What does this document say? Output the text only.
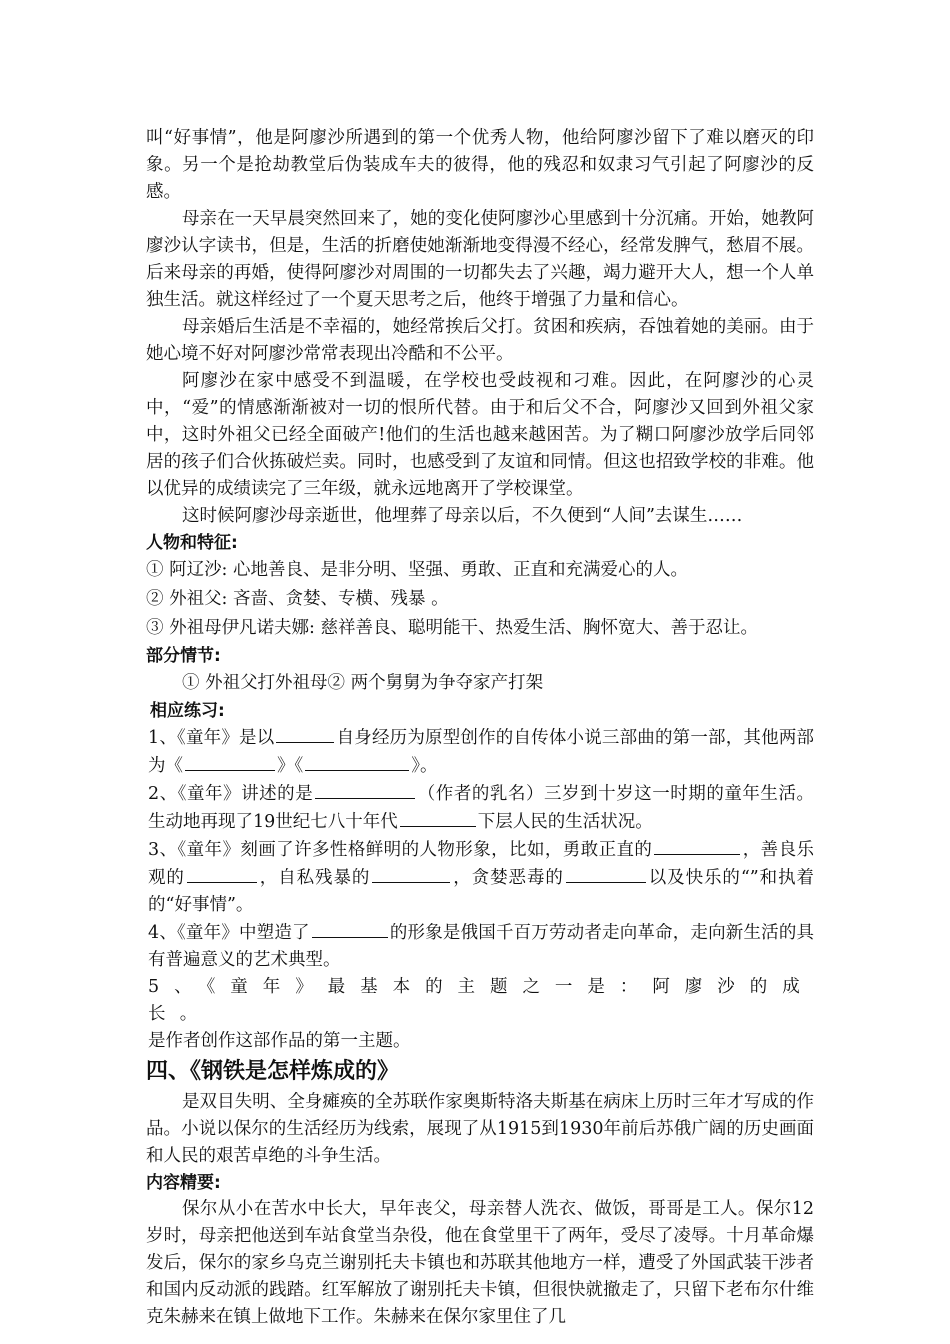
叫“好事情”，他是阿廖沙所遇到的第一个优秀人物，他给阿廖沙留下了难以磨灭的印象。另一个是抢劫教堂后伪装成车夫的彼得，他的残忍和奴隶习气引起了阿廖沙的反感。

母亲在一天早晨突然回来了，她的变化使阿廖沙心里感到十分沉痛。开始，她教阿廖沙认字读书，但是，生活的折磨使她渐渐地变得漫不经心，经常发脾气，愁眉不展。后来母亲的再婚，使得阿廖沙对周围的一切都失去了兴趣，竭力避开大人，想一个人单独生活。就这样经过了一个夏天思考之后，他终于增强了力量和信心。

母亲婚后生活是不幸福的，她经常挨后父打。贫困和疾病，吞蚀着她的美丽。由于她心境不好对阿廖沙常常表现出冷酷和不公平。

阿廖沙在家中感受不到温暖，在学校也受歧视和刁难。因此，在阿廖沙的心灵中，“爱”的情感渐渐被对一切的恨所代替。由于和后父不合，阿廖沙又回到外祖父家中，这时外祖父已经全面破产!他们的生活也越来越困苦。为了糊口阿廖沙放学后同邻居的孩子们合伙拣破烂卖。同时，也感受到了友谊和同情。但这也招致学校的非难。他以优异的成绩读完了三年级，就永远地离开了学校课堂。

这时候阿廖沙母亲逝世，他埋葬了母亲以后，不久便到“人间”去谋生……

人物和特征:
① 阿辽沙: 心地善良、是非分明、坚强、勇敢、正直和充满爱心的人。
② 外祖父: 吝啬、贪婪、专横、残暴 。
③ 外祖母伊凡诺夫娜: 慈祥善良、聪明能干、热爱生活、胸怀宽大、善于忍让。
部分情节:
① 外祖父打外祖母② 两个舅舅为争夺家产打架
相应练习:

1、《童年》是以	自身经历为原型创作的自传体小说三部曲的第一部，其他两部为《	》《	》。

2、《童年》讲述的是	（作者的乳名）三岁到十岁这一时期的童年生活。生动地再现了19世纪七八十年代	下层人民的生活状况。

3、《童年》刻画了许多性格鲜明的人物形象，比如，勇敢正直的	，善良乐观的	，自私残暴的	，贪婪恶毒的	以及快乐的“”和执着的“好事情”。

4、《童年》中塑造了	的形象是俄国千百万劳动者走向革命，走向新生活的具有普遍意义的艺术典型。

5、《童年》最基本的主题之一是：阿廖沙的成长。
是作者创作这部作品的第一主题。

四、《钢铁是怎样炼成的》

是双目失明、全身瘫痪的全苏联作家奥斯特洛夫斯基在病床上历时三年才写成的作品。小说以保尔的生活经历为线索，展现了从1915到1930年前后苏俄广阔的历史画面和人民的艰苦卓绝的斗争生活。

内容精要:

保尔从小在苦水中长大，早年丧父，母亲替人洗衣、做饭，哥哥是工人。保尔12岁时，母亲把他送到车站食堂当杂役，他在食堂里干了两年，受尽了凌辱。十月革命爆发后，保尔的家乡乌克兰谢别托夫卡镇也和苏联其他地方一样，遭受了外国武装干涉者和国内反动派的践踏。红军解放了谢别托夫卡镇，但很快就撤走了，只留下老布尔什维克朱赫来在镇上做地下工作。朱赫来在保尔家里住了几
